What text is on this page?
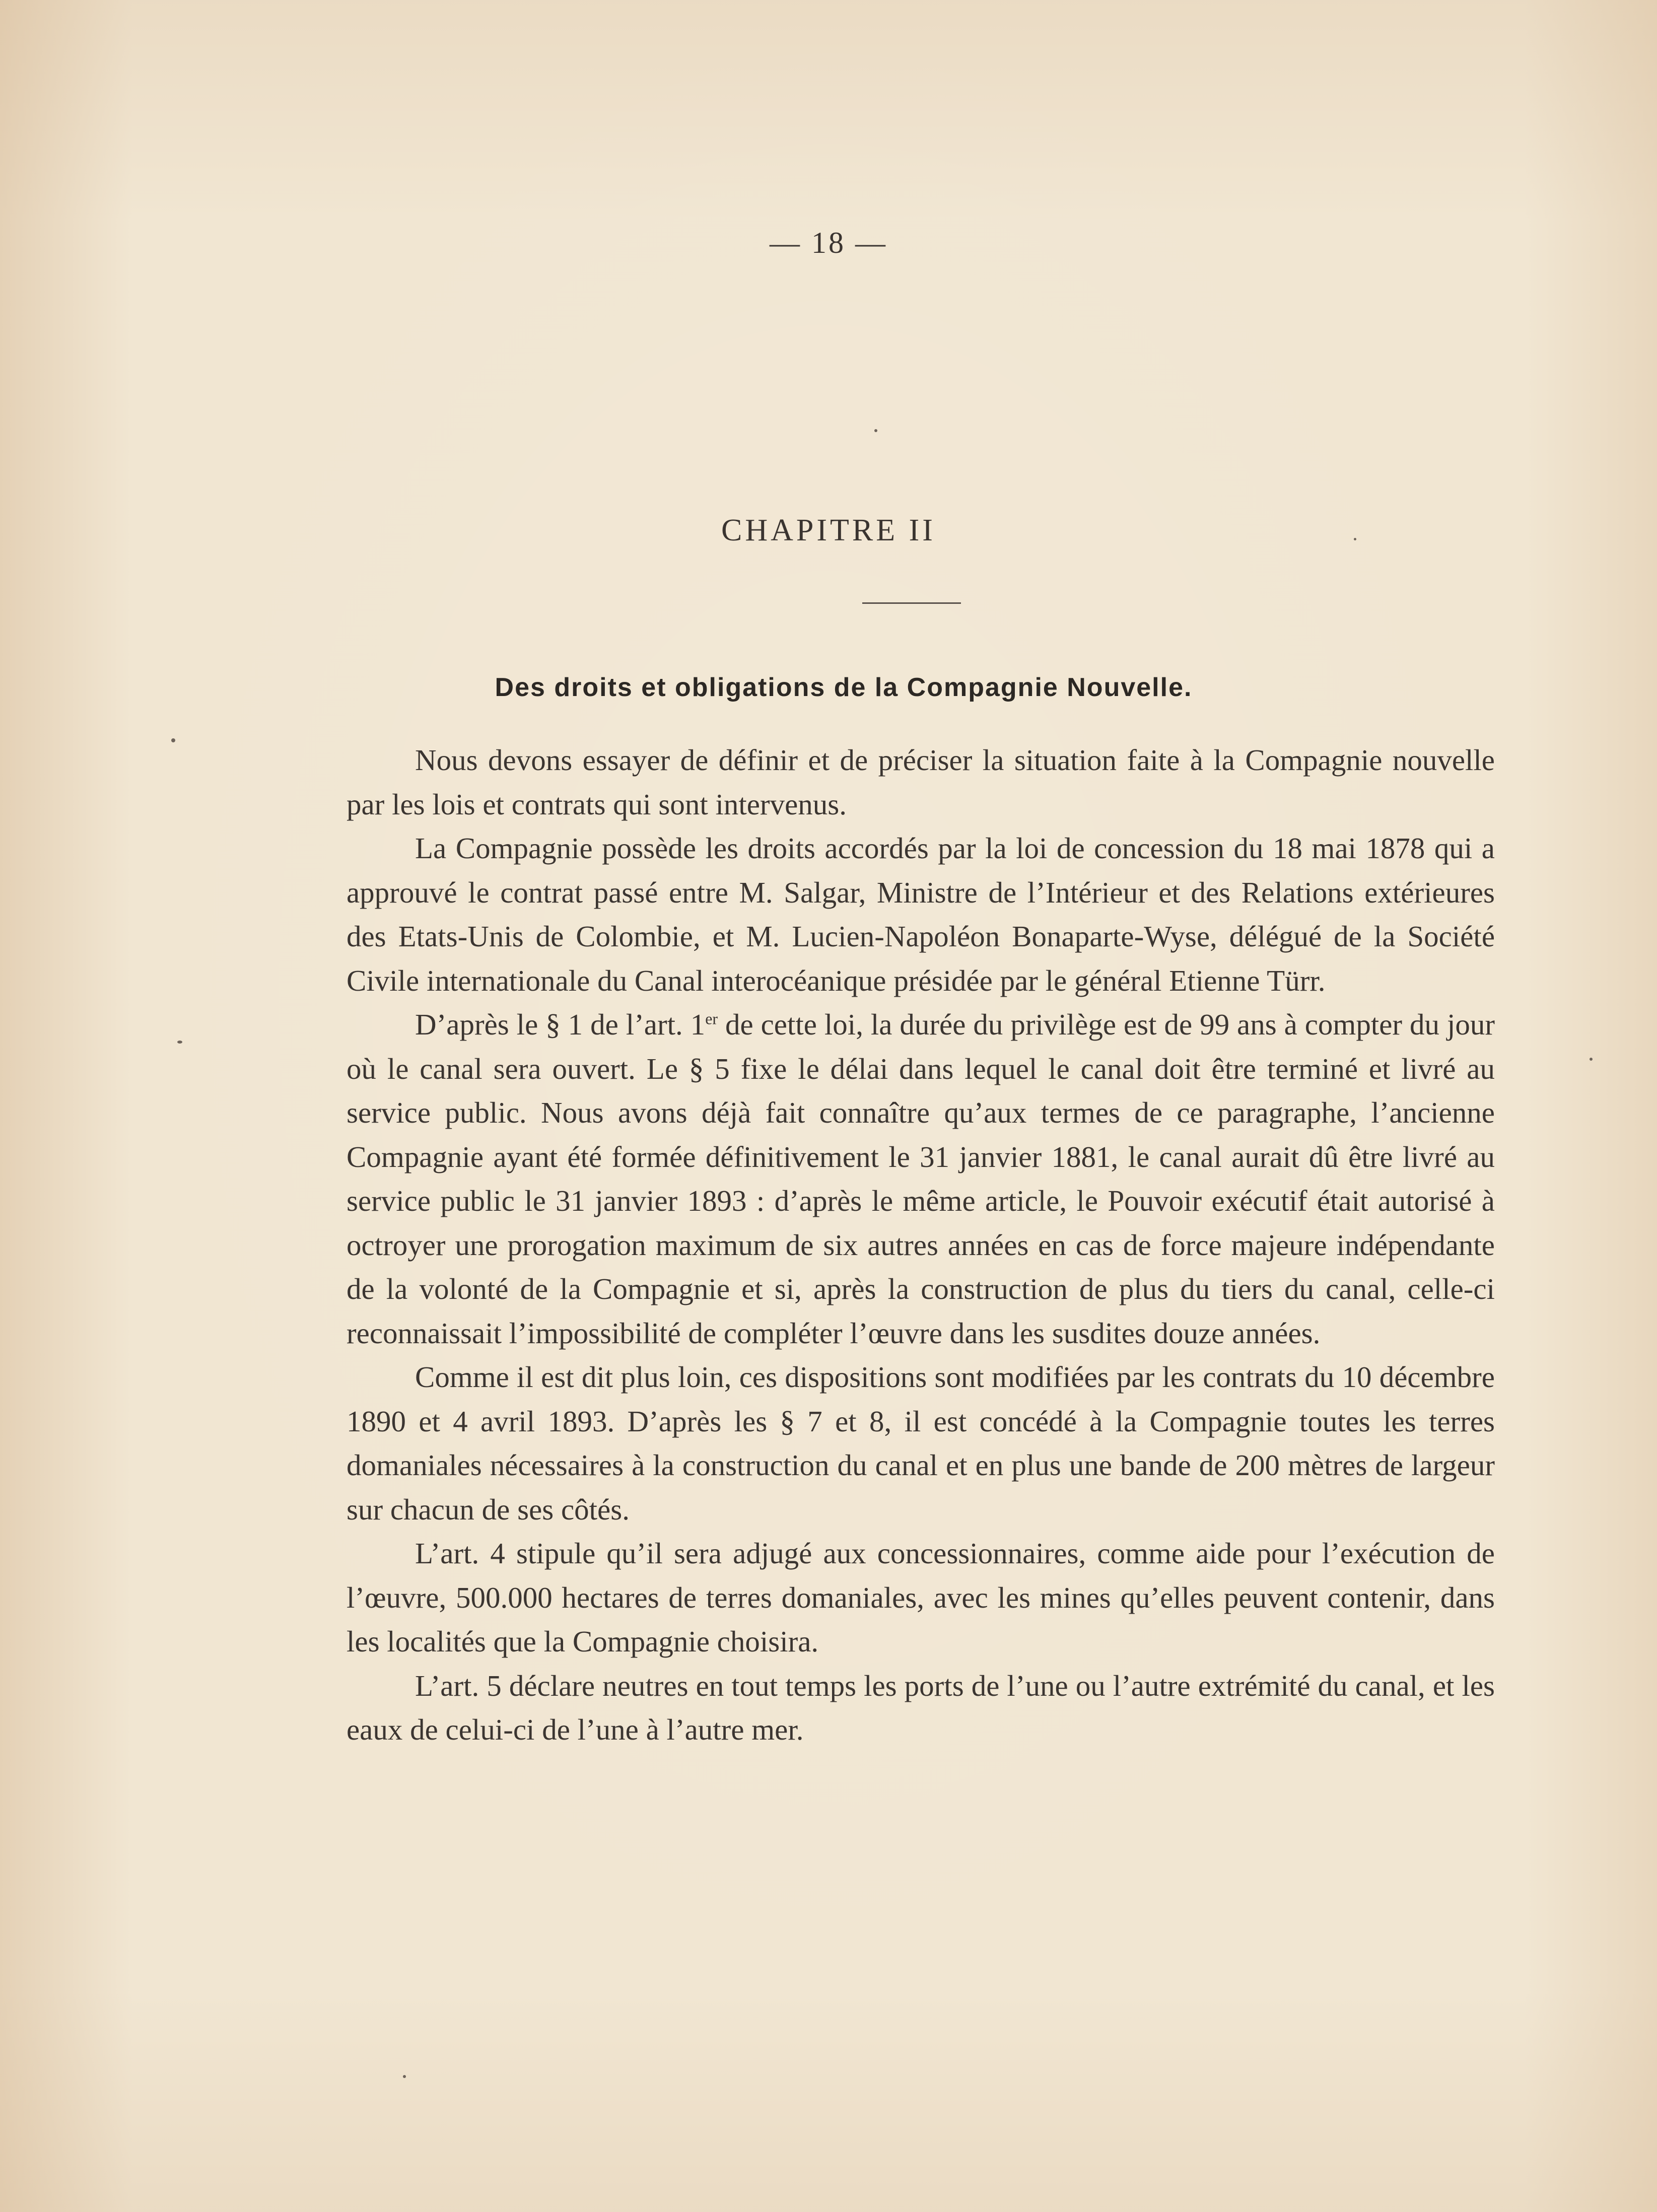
— 18 —
CHAPITRE II
Des droits et obligations de la Compagnie Nouvelle.

Nous devons essayer de définir et de préciser la situation faite à la Compagnie nouvelle par les lois et contrats qui sont intervenus.

La Compagnie possède les droits accordés par la loi de concession du 18 mai 1878 qui a approuvé le contrat passé entre M. Salgar, Ministre de l’Intérieur et des Relations extérieures des Etats-Unis de Colombie, et M. Lucien-Napoléon Bonaparte-Wyse, délégué de la Société Civile internationale du Canal interocéanique présidée par le général Etienne Türr.

D’après le § 1 de l’art. 1er de cette loi, la durée du privilège est de 99 ans à compter du jour où le canal sera ouvert. Le § 5 fixe le délai dans lequel le canal doit être terminé et livré au service public. Nous avons déjà fait connaître qu’aux termes de ce paragraphe, l’ancienne Compagnie ayant été formée définitivement le 31 janvier 1881, le canal aurait dû être livré au service public le 31 janvier 1893 : d’après le même article, le Pouvoir exécutif était autorisé à octroyer une prorogation maximum de six autres années en cas de force majeure indépendante de la volonté de la Compagnie et si, après la construction de plus du tiers du canal, celle-ci reconnaissait l’impossibilité de compléter l’œuvre dans les susdites douze années.

Comme il est dit plus loin, ces dispositions sont modifiées par les contrats du 10 décembre 1890 et 4 avril 1893. D’après les § 7 et 8, il est concédé à la Compagnie toutes les terres domaniales nécessaires à la construction du canal et en plus une bande de 200 mètres de largeur sur chacun de ses côtés.

L’art. 4 stipule qu’il sera adjugé aux concessionnaires, comme aide pour l’exécution de l’œuvre, 500.000 hectares de terres domaniales, avec les mines qu’elles peuvent contenir, dans les localités que la Compagnie choisira.

L’art. 5 déclare neutres en tout temps les ports de l’une ou l’autre extrémité du canal, et les eaux de celui-ci de l’une à l’autre mer.
